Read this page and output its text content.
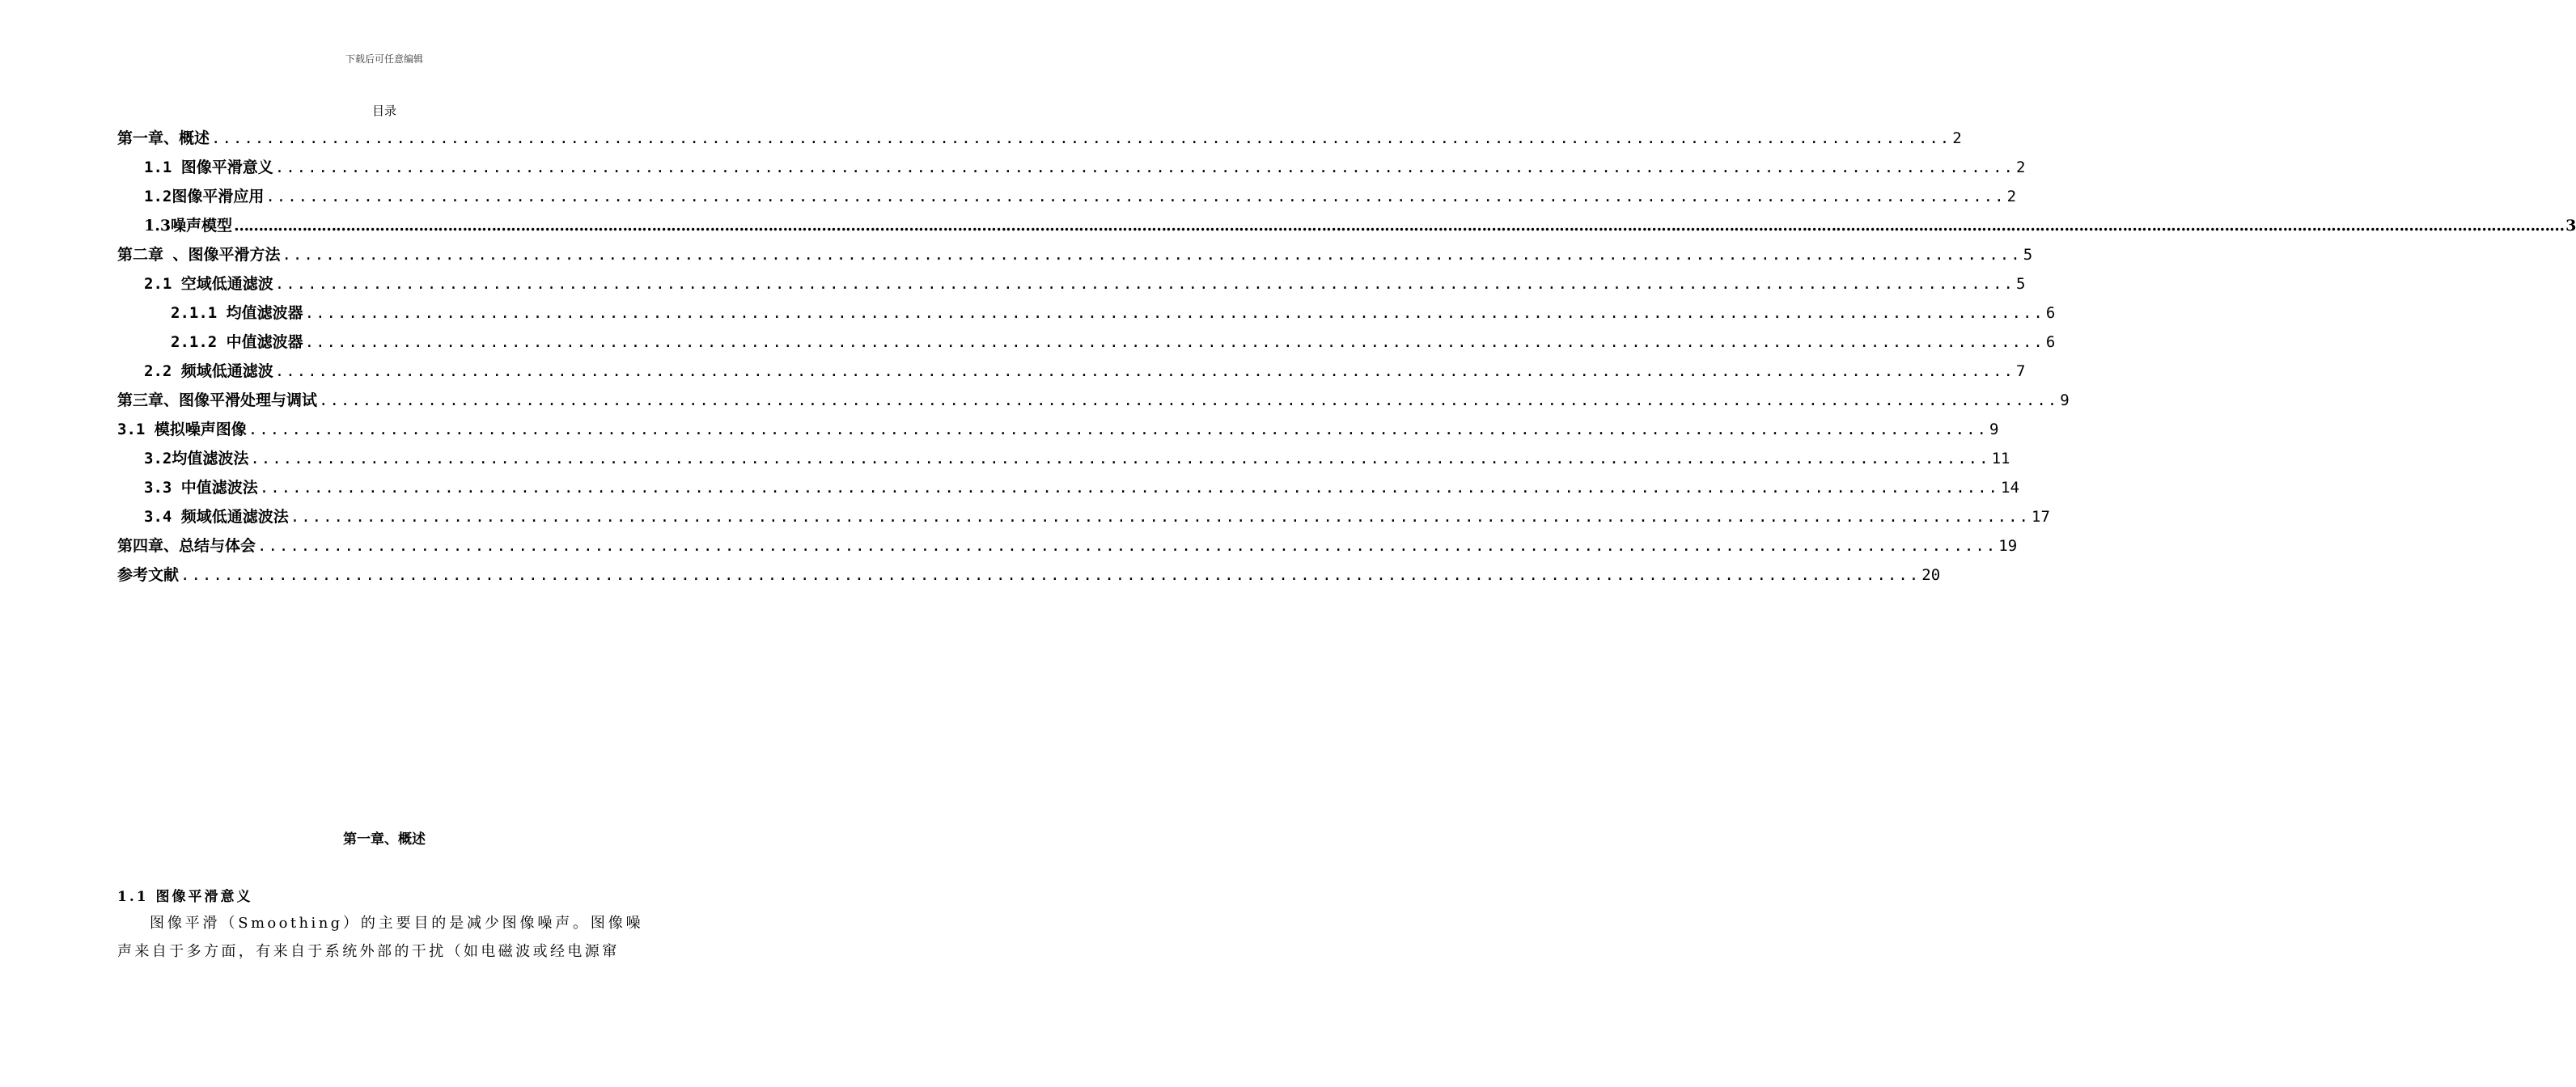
下载后可任意编辑
目录
第一章、概述 ................................................................................................................................................................ 2
1.1 图像平滑意义 ................................................................................................................................................................ 2
1.2图像平滑应用 ................................................................................................................................................................ 2
1.3噪声模型 ………………………………………………………………………………………………………………………………………………………………………………………………………………………………………………………………………………………………………………………………………………………………………………………………………………………………………… 3
第二章 、图像平滑方法 ................................................................................................................................................................ 5
2.1 空域低通滤波 ................................................................................................................................................................ 5
2.1.1 均值滤波器 ................................................................................................................................................................ 6
2.1.2 中值滤波器 ................................................................................................................................................................ 6
2.2 频域低通滤波 ................................................................................................................................................................ 7
第三章、图像平滑处理与调试 ................................................................................................................................................................ 9
3.1 模拟噪声图像 ................................................................................................................................................................ 9
3.2均值滤波法 ................................................................................................................................................................ 11
3.3 中值滤波法 ................................................................................................................................................................ 14
3.4 频域低通滤波法 ................................................................................................................................................................ 17
第四章、总结与体会 ................................................................................................................................................................ 19
参考文献 ................................................................................................................................................................ 20
第一章、概述
1.1 图像平滑意义
图像平滑（Smoothing）的主要目的是减少图像噪声。图像噪声来自于多方面，有来自于系统外部的干扰（如电磁波或经电源窜
